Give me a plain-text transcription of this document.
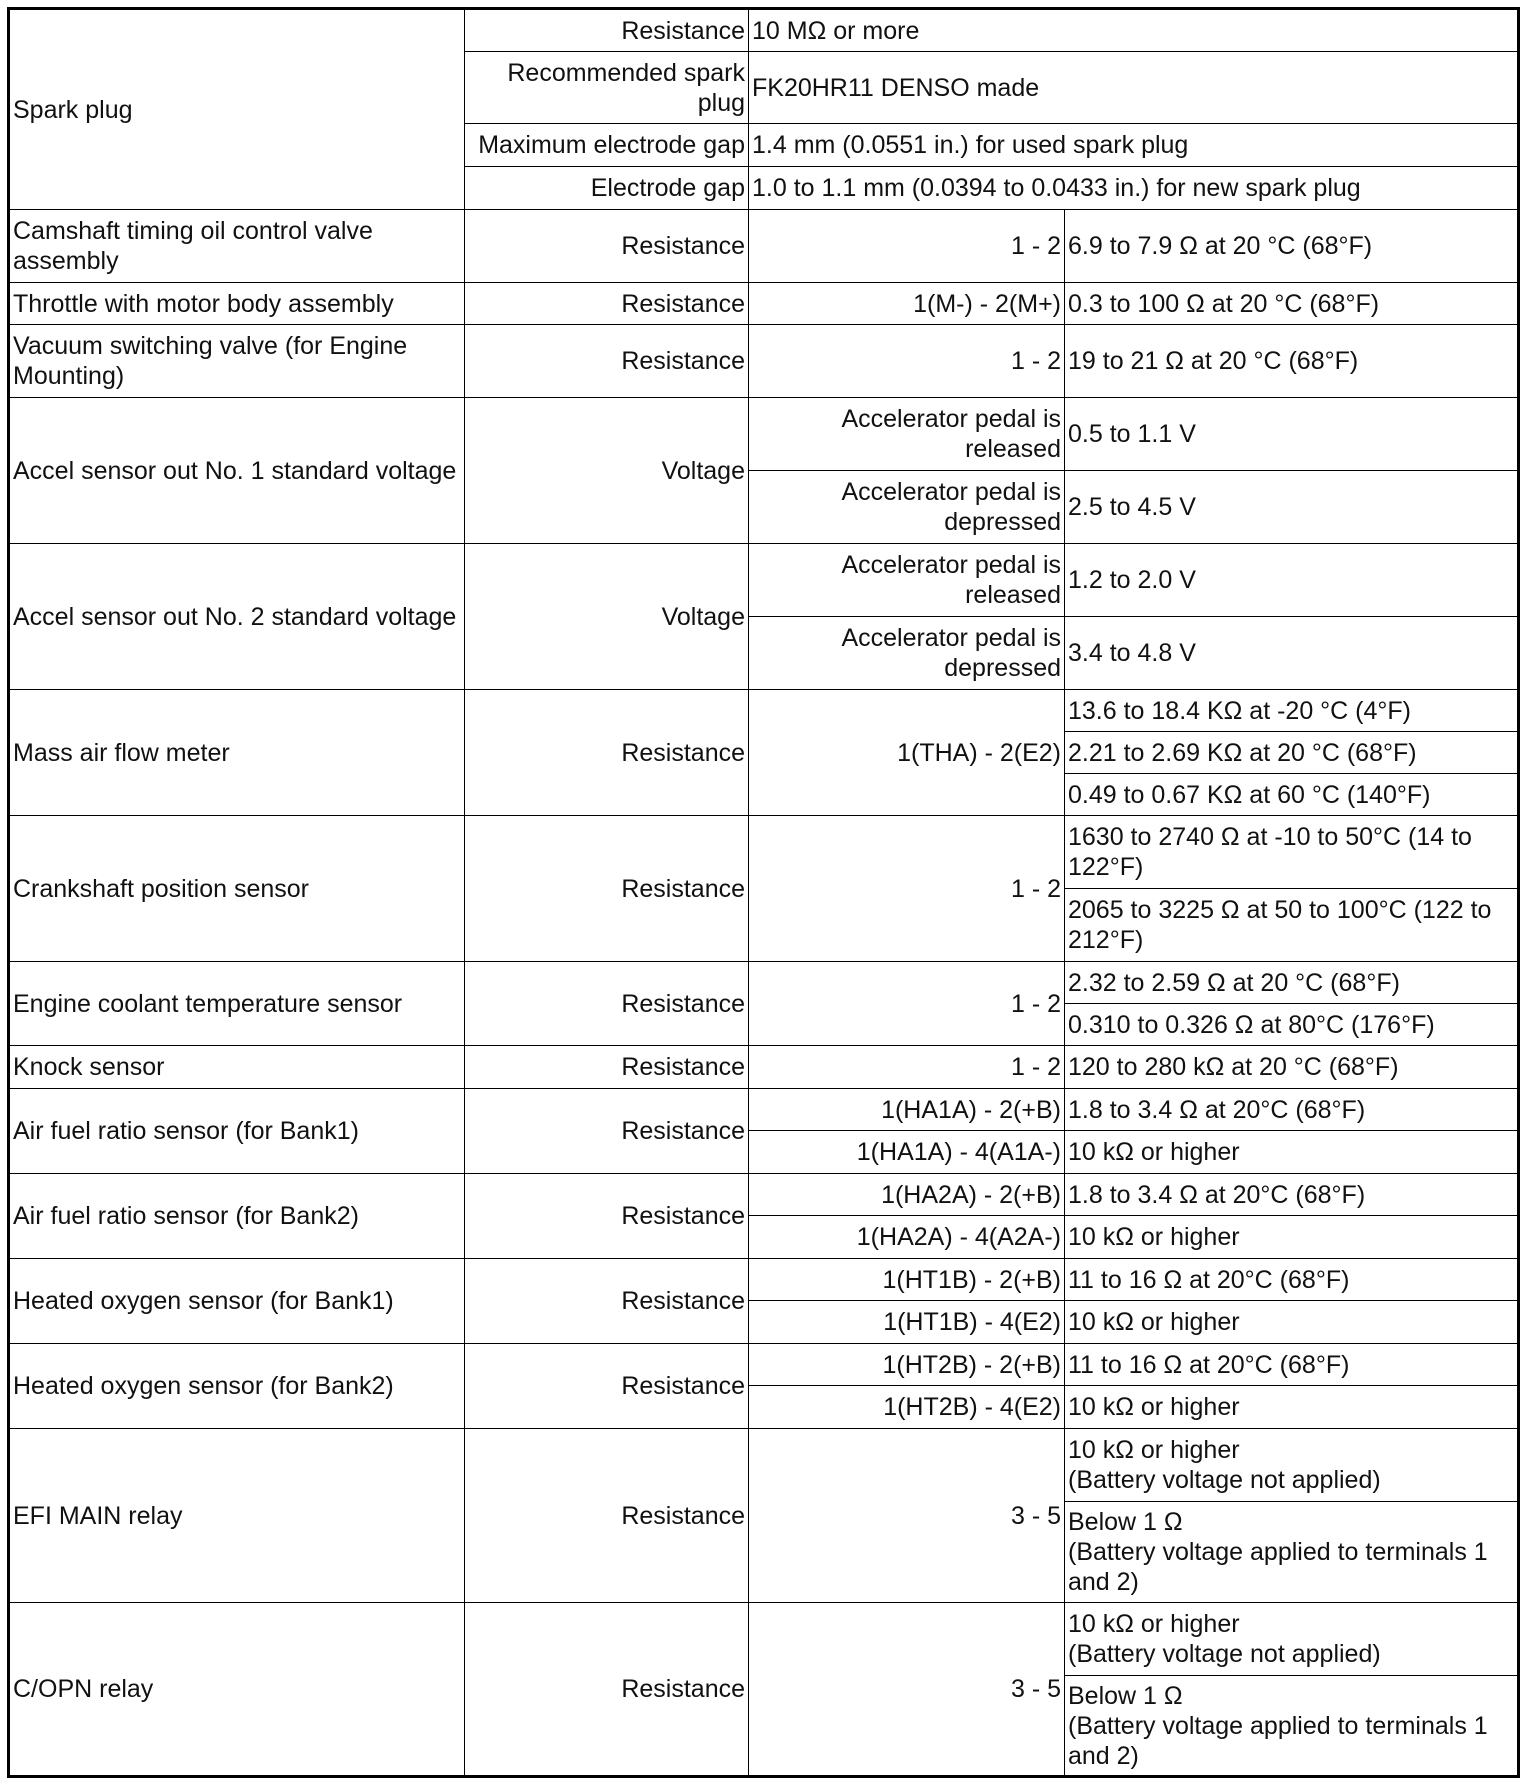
Spark plug	Resistance	10 MΩ or more	
	Recommended spark plug	FK20HR11 DENSO made	
	Maximum electrode gap	1.4 mm (0.0551 in.) for used spark plug	
	Electrode gap	1.0 to 1.1 mm (0.0394 to 0.0433 in.) for new spark plug	
Camshaft timing oil control valve assembly	Resistance	1 - 2	6.9 to 7.9 Ω at 20 °C (68°F)
Throttle with motor body assembly	Resistance	1(M-) - 2(M+)	0.3 to 100 Ω at 20 °C (68°F)
Vacuum switching valve (for Engine Mounting)	Resistance	1 - 2	19 to 21 Ω at 20 °C (68°F)
Accel sensor out No. 1 standard voltage	Voltage	Accelerator pedal is released	0.5 to 1.1 V
		Accelerator pedal is depressed	2.5 to 4.5 V
Accel sensor out No. 2 standard voltage	Voltage	Accelerator pedal is released	1.2 to 2.0 V
		Accelerator pedal is depressed	3.4 to 4.8 V
Mass air flow meter	Resistance	1(THA) - 2(E2)	13.6 to 18.4 KΩ at -20 °C (4°F)
			2.21 to 2.69 KΩ at 20 °C (68°F)
			0.49 to 0.67 KΩ at 60 °C (140°F)
Crankshaft position sensor	Resistance	1 - 2	1630 to 2740 Ω at -10 to 50°C (14 to 122°F)
			2065 to 3225 Ω at 50 to 100°C (122 to 212°F)
Engine coolant temperature sensor	Resistance	1 - 2	2.32 to 2.59 Ω at 20 °C (68°F)
			0.310 to 0.326 Ω at 80°C (176°F)
Knock sensor	Resistance	1 - 2	120 to 280 kΩ at 20 °C (68°F)
Air fuel ratio sensor (for Bank1)	Resistance	1(HA1A) - 2(+B)	1.8 to 3.4 Ω at 20°C (68°F)
		1(HA1A) - 4(A1A-)	10 kΩ or higher
Air fuel ratio sensor (for Bank2)	Resistance	1(HA2A) - 2(+B)	1.8 to 3.4 Ω at 20°C (68°F)
		1(HA2A) - 4(A2A-)	10 kΩ or higher
Heated oxygen sensor (for Bank1)	Resistance	1(HT1B) - 2(+B)	11 to 16 Ω at 20°C (68°F)
		1(HT1B) - 4(E2)	10 kΩ or higher
Heated oxygen sensor (for Bank2)	Resistance	1(HT2B) - 2(+B)	11 to 16 Ω at 20°C (68°F)
		1(HT2B) - 4(E2)	10 kΩ or higher
EFI MAIN relay	Resistance	3 - 5	10 kΩ or higher
(Battery voltage not applied)
			Below 1 Ω
(Battery voltage applied to terminals 1 and 2)
C/OPN relay	Resistance	3 - 5	10 kΩ or higher
(Battery voltage not applied)
			Below 1 Ω
(Battery voltage applied to terminals 1 and 2)
